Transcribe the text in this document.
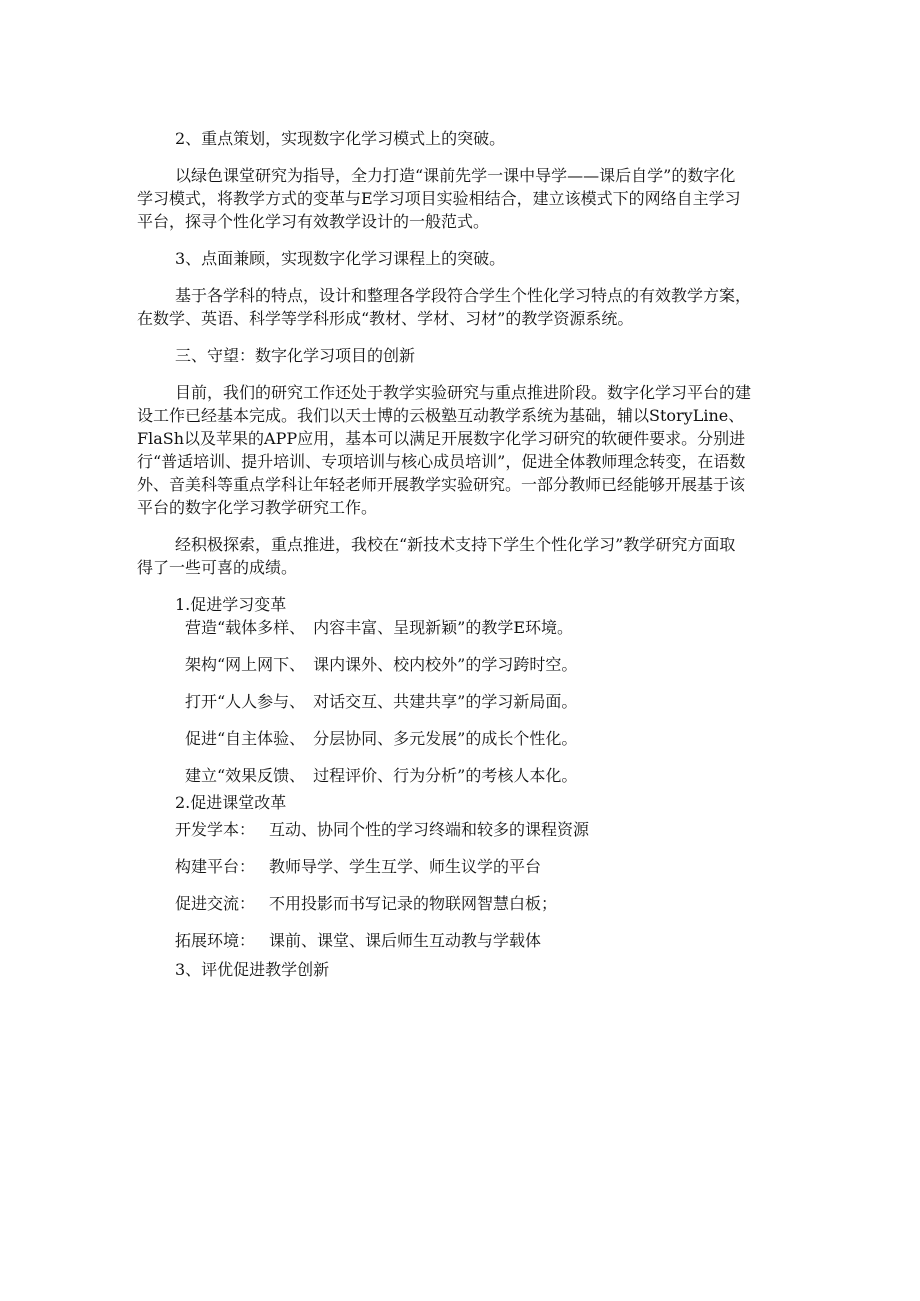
2、重点策划，实现数字化学习模式上的突破。

以绿色课堂研究为指导，全力打造“课前先学一课中导学——课后自学”的数字化

学习模式，将教学方式的变革与E学习项目实验相结合，建立该模式下的网络自主学习

平台，探寻个性化学习有效教学设计的一般范式。

3、点面兼顾，实现数字化学习课程上的突破。

基于各学科的特点，设计和整理各学段符合学生个性化学习特点的有效教学方案，

在数学、英语、科学等学科形成“教材、学材、习材”的教学资源系统。

三、守望：数字化学习项目的创新

目前，我们的研究工作还处于教学实验研究与重点推进阶段。数字化学习平台的建

设工作已经基本完成。我们以天士博的云极塾互动教学系统为基础，辅以StoryLine、

FlaSh以及苹果的APP应用，基本可以满足开展数字化学习研究的软硬件要求。分别进

行“普适培训、提升培训、专项培训与核心成员培训”，促进全体教师理念转变，在语数

外、音美科等重点学科让年轻老师开展教学实验研究。一部分教师已经能够开展基于该

平台的数字化学习教学研究工作。

经积极探索，重点推进，我校在“新技术支持下学生个性化学习”教学研究方面取

得了一些可喜的成绩。

1.促进学习变革

营造“载体多样、　内容丰富、呈现新颖”的教学E环境。

架构“网上网下、　课内课外、校内校外”的学习跨时空。

打开“人人参与、　对话交互、共建共享”的学习新局面。

促进“自主体验、　分层协同、多元发展”的成长个性化。

建立“效果反馈、　过程评价、行为分析”的考核人本化。

2.促进课堂改革

开发学本： 互动、协同个性的学习终端和较多的课程资源
构建平台： 教师导学、学生互学、师生议学的平台
促进交流： 不用投影而书写记录的物联网智慧白板；
拓展环境： 课前、课堂、课后师生互动教与学载体

3、评优促进教学创新
